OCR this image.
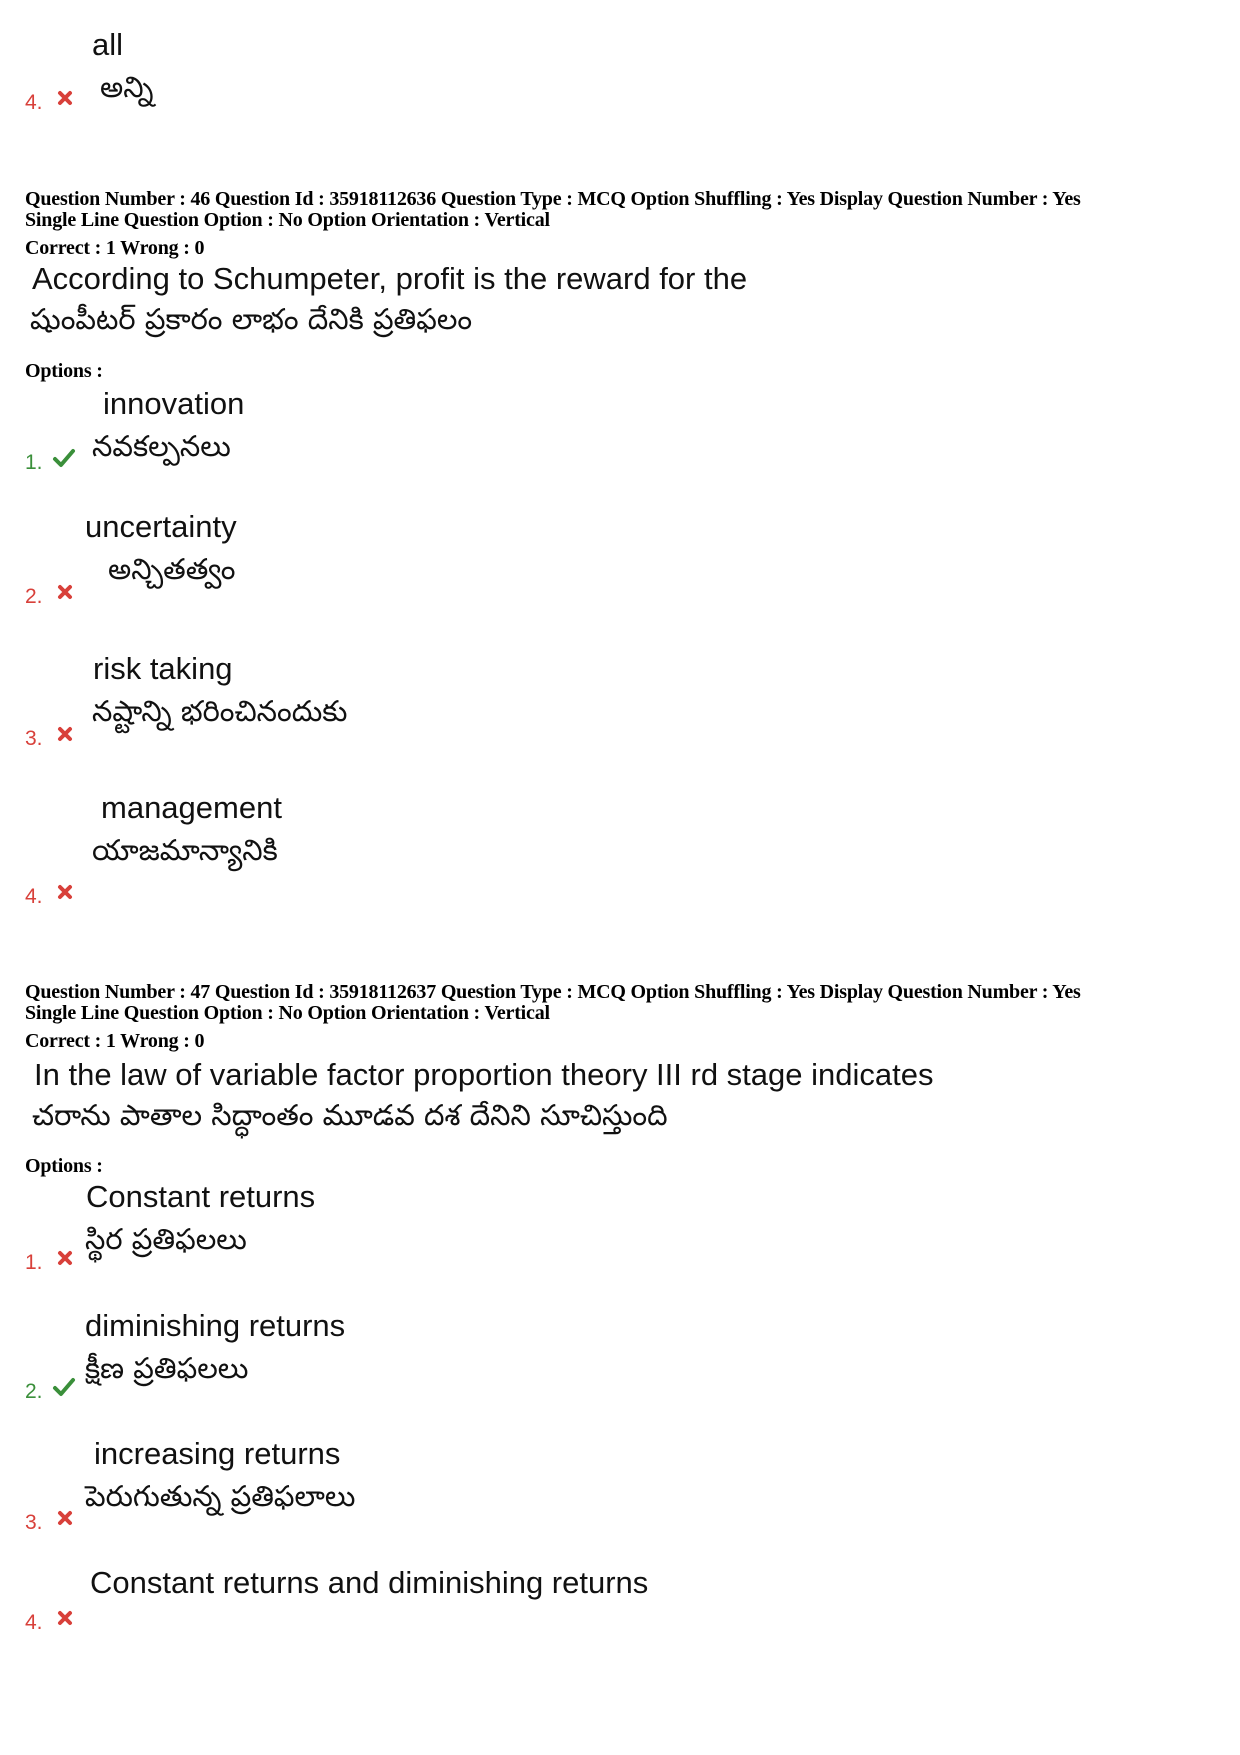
all
అన్ని
4.
Question Number : 46 Question Id : 35918112636 Question Type : MCQ Option Shuffling : Yes Display Question Number : Yes
Single Line Question Option : No Option Orientation : Vertical
Correct : 1 Wrong : 0
According to Schumpeter, profit is the reward for the
షుంపీటర్ ప్రకారం లాభం దేనికి ప్రతిఫలం
Options :
innovation
నవకల్పనలు
1.
uncertainty
అన్చితత్వం
2.
risk taking
నష్టాన్ని భరించినందుకు
3.
management
యాజమాన్యానికి
4.
Question Number : 47 Question Id : 35918112637 Question Type : MCQ Option Shuffling : Yes Display Question Number : Yes
Single Line Question Option : No Option Orientation : Vertical
Correct : 1 Wrong : 0
In the law of variable factor proportion theory III rd stage indicates
చరాను పాతాల సిద్ధాంతం మూడవ దశ దేనిని సూచిస్తుంది
Options :
Constant returns
స్థిర ప్రతిఫలలు
1.
diminishing returns
క్షీణ ప్రతిఫలలు
2.
increasing returns
పెరుగుతున్న ప్రతిఫలాలు
3.
Constant returns and diminishing returns
4.
